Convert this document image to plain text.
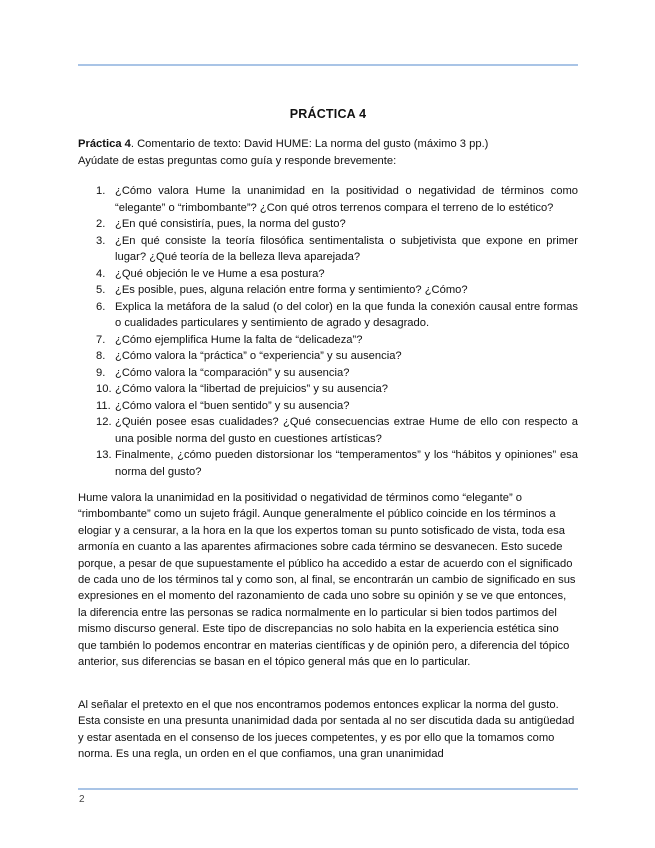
PRÁCTICA 4
Práctica 4. Comentario de texto: David HUME: La norma del gusto (máximo 3 pp.)
Ayúdate de estas preguntas como guía y responde brevemente:
1. ¿Cómo valora Hume la unanimidad en la positividad o negatividad de términos como “elegante” o “rimbombante”? ¿Con qué otros terrenos compara el terreno de lo estético?
2. ¿En qué consistiría, pues, la norma del gusto?
3. ¿En qué consiste la teoría filosófica sentimentalista o subjetivista que expone en primer lugar? ¿Qué teoría de la belleza lleva aparejada?
4. ¿Qué objeción le ve Hume a esa postura?
5. ¿Es posible, pues, alguna relación entre forma y sentimiento? ¿Cómo?
6. Explica la metáfora de la salud (o del color) en la que funda la conexión causal entre formas o cualidades particulares y sentimiento de agrado y desagrado.
7. ¿Cómo ejemplifica Hume la falta de “delicadeza”?
8. ¿Cómo valora la “práctica” o “experiencia” y su ausencia?
9. ¿Cómo valora la “comparación” y su ausencia?
10. ¿Cómo valora la “libertad de prejuicios” y su ausencia?
11. ¿Cómo valora el “buen sentido” y su ausencia?
12. ¿Quién posee esas cualidades? ¿Qué consecuencias extrae Hume de ello con respecto a una posible norma del gusto en cuestiones artísticas?
13. Finalmente, ¿cómo pueden distorsionar los “temperamentos” y los “hábitos y opiniones” esa norma del gusto?

Hume valora la unanimidad en la positividad o negatividad de términos como “elegante” o “rimbombante” como un sujeto frágil. Aunque generalmente el público coincide en los términos a elogiar y a censurar, a la hora en la que los expertos toman su punto sotisficado de vista, toda esa armonía en cuanto a las aparentes afirmaciones sobre cada término se desvanecen. Esto sucede porque, a pesar de que supuestamente el público ha accedido a estar de acuerdo con el significado de cada uno de los términos tal y como son, al final, se encontrarán un cambio de significado en sus expresiones en el momento del razonamiento de cada uno sobre su opinión y se ve que entonces, la diferencia entre las personas se radica normalmente en lo particular si bien todos partimos del mismo discurso general. Este tipo de discrepancias no solo habita en la experiencia estética sino que también lo podemos encontrar en materias científicas y de opinión pero, a diferencia del tópico anterior, sus diferencias se basan en el tópico general más que en lo particular.

Al señalar el pretexto en el que nos encontramos podemos entonces explicar la norma del gusto. Esta consiste en una presunta unanimidad dada por sentada al no ser discutida dada su antigüedad y estar asentada en el consenso de los jueces competentes, y es por ello que la tomamos como norma. Es una regla, un orden en el que confiamos, una gran unanimidad

2
